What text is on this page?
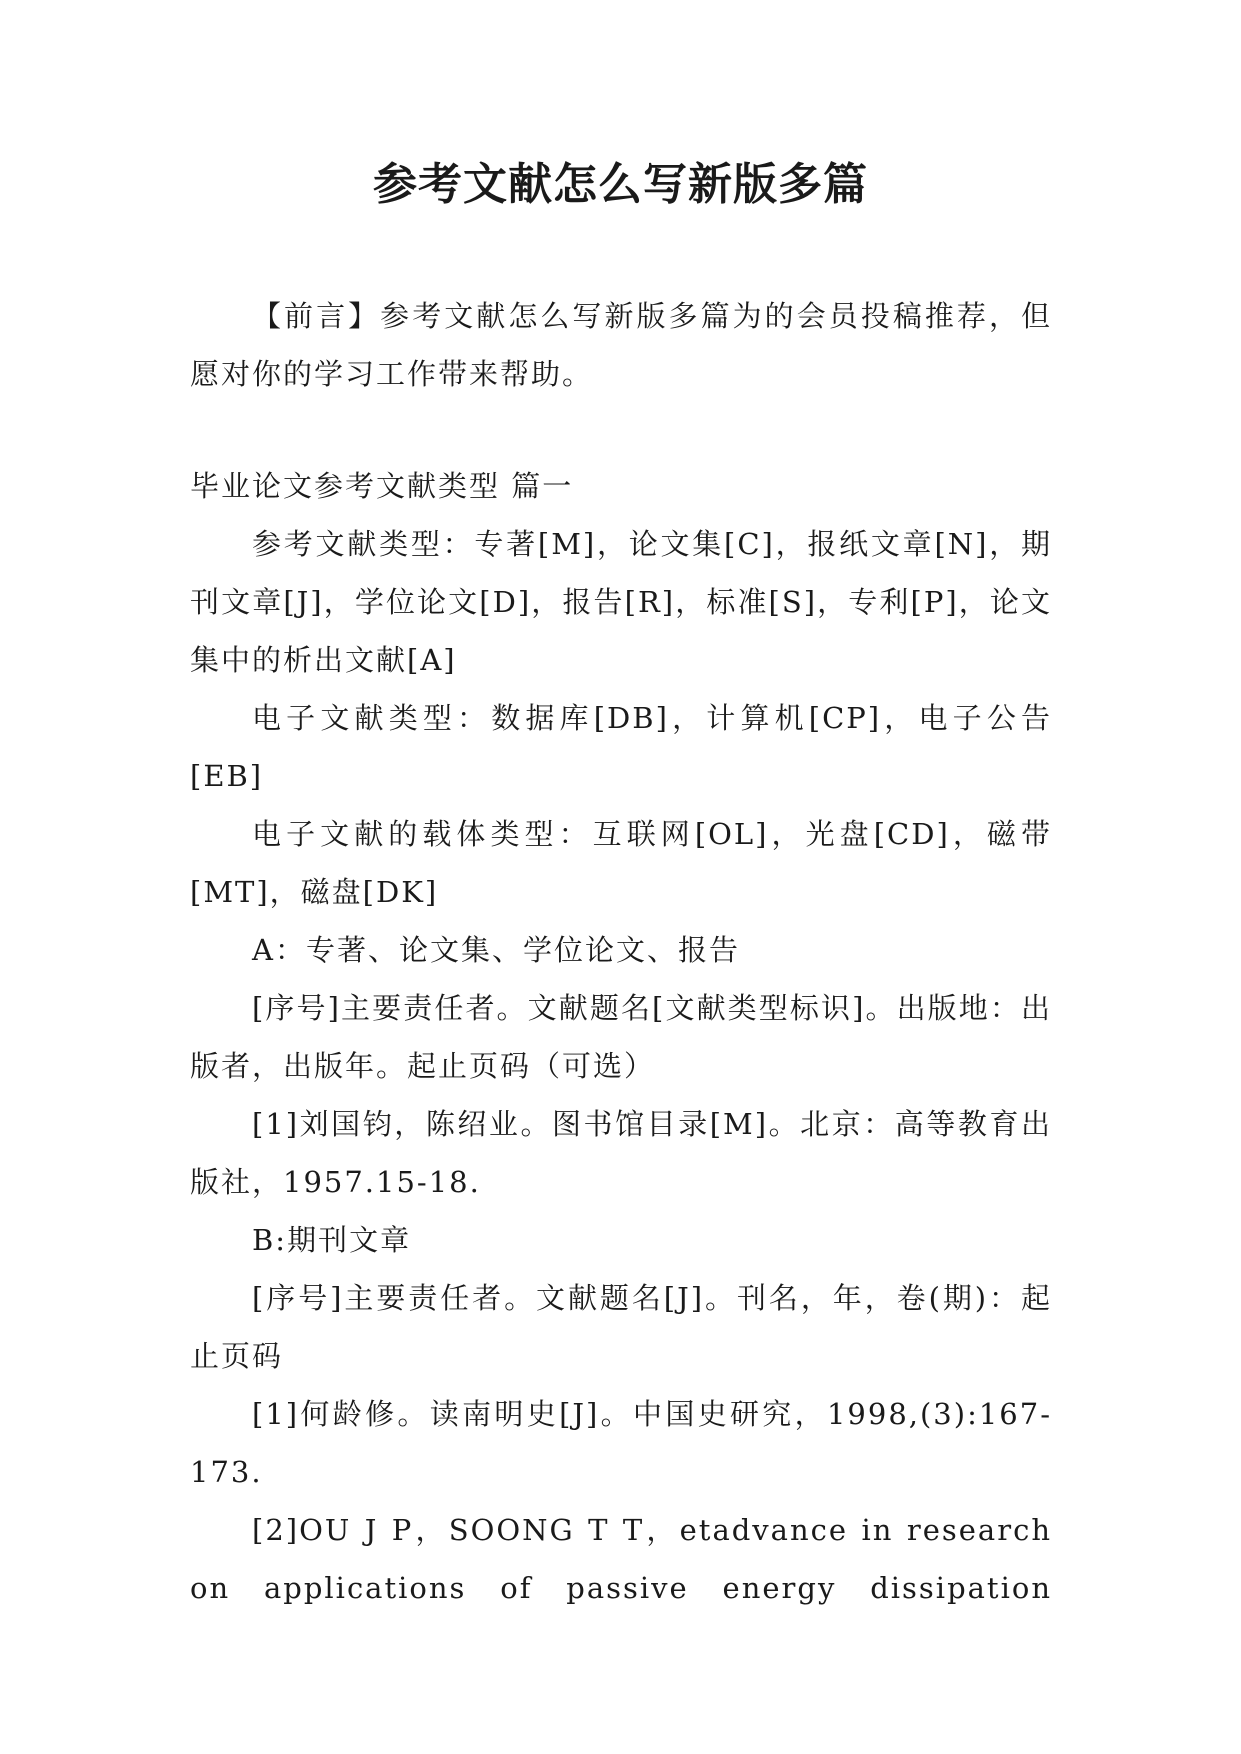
参考文献怎么写新版多篇

【前言】参考文献怎么写新版多篇为的会员投稿推荐，但愿对你的学习工作带来帮助。

毕业论文参考文献类型 篇一

参考文献类型：专著[M]，论文集[C]，报纸文章[N]，期刊文章[J]，学位论文[D]，报告[R]，标准[S]，专利[P]，论文集中的析出文献[A]

电子文献类型：数据库[DB]，计算机[CP]，电子公告[EB]

电子文献的载体类型：互联网[OL]，光盘[CD]，磁带[MT]，磁盘[DK]

A：专著、论文集、学位论文、报告

[序号]主要责任者。文献题名[文献类型标识]。出版地：出版者，出版年。起止页码（可选）

[1]刘国钧，陈绍业。图书馆目录[M]。北京：高等教育出版社，1957.15-18.

B:期刊文章

[序号]主要责任者。文献题名[J]。刊名，年，卷(期)：起止页码

[1]何龄修。读南明史[J]。中国史研究，1998,(3):167-173.

[2]OU J P，SOONG T T，etadvance in research on applications of passive energy dissipation
